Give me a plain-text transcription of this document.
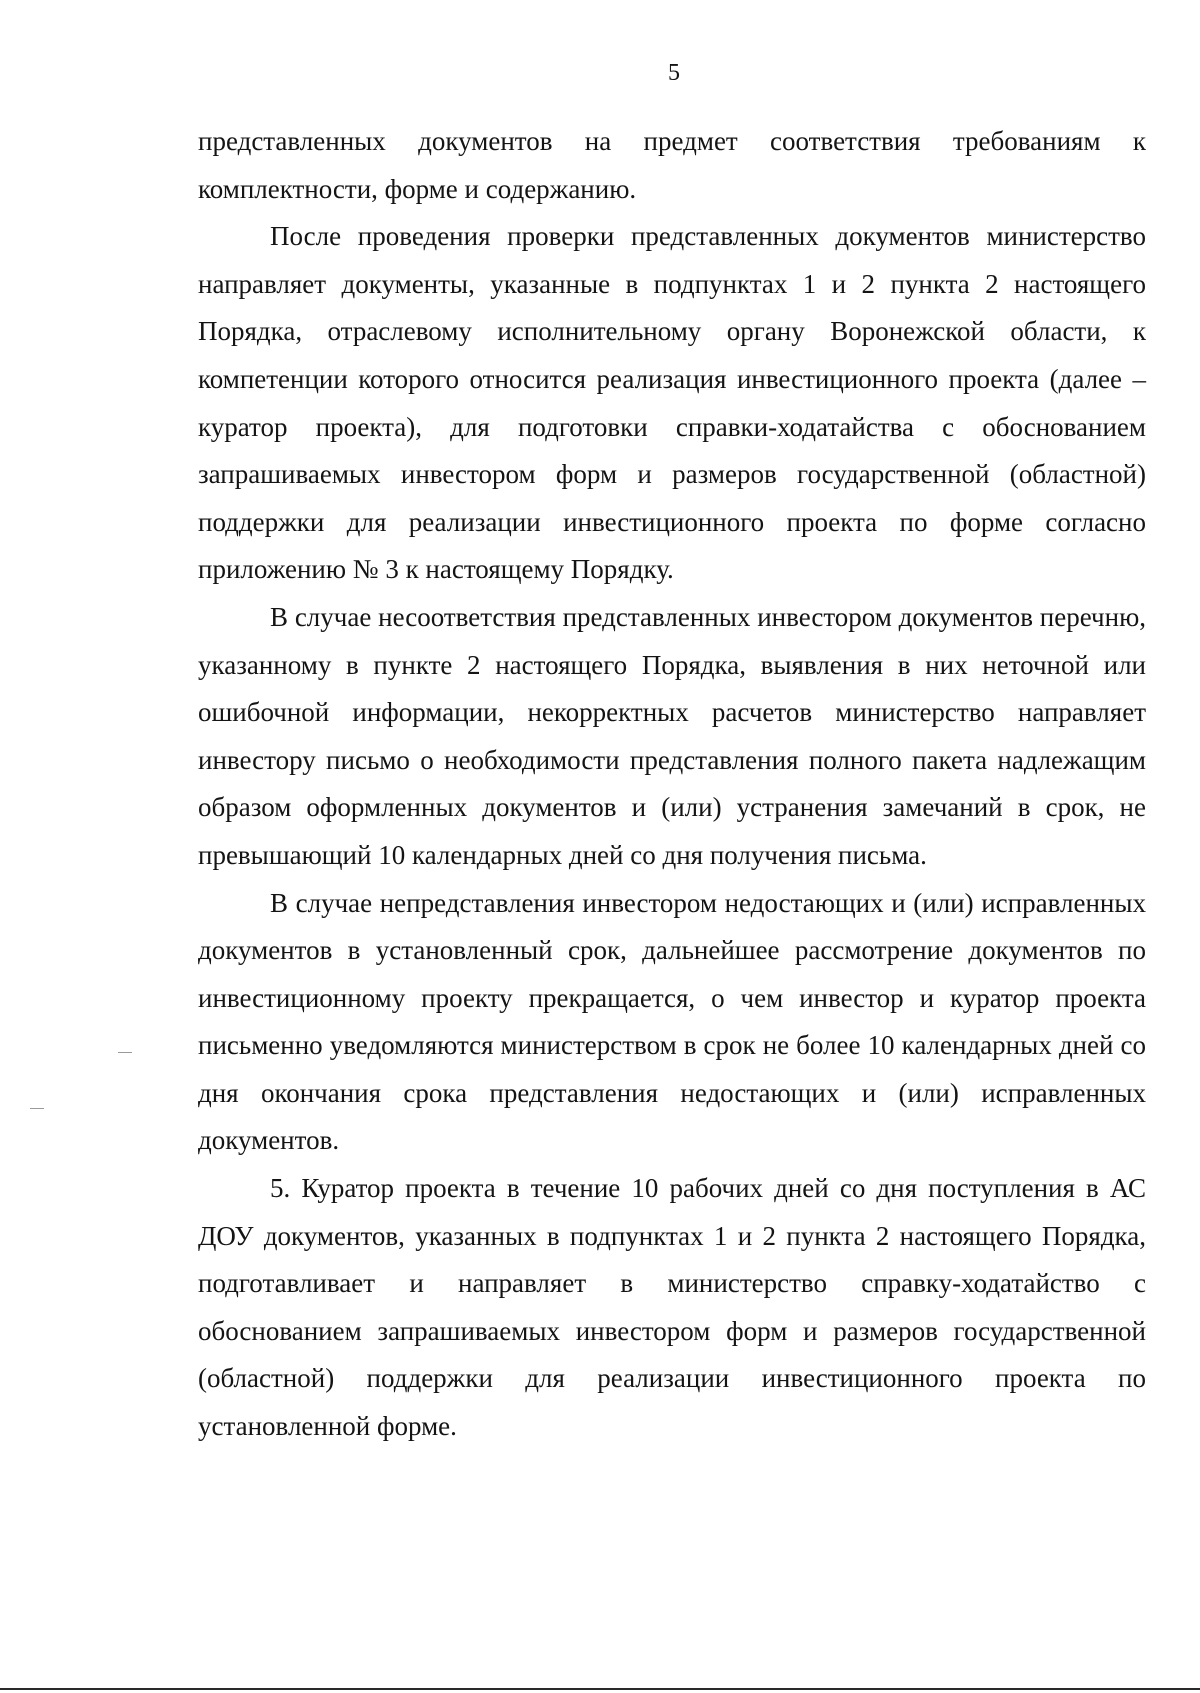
5

представленных документов на предмет соответствия требованиям к комплектности, форме и содержанию.

После проведения проверки представленных документов министерство направляет документы, указанные в подпунктах 1 и 2 пункта 2 настоящего Порядка, отраслевому исполнительному органу Воронежской области, к компетенции которого относится реализация инвестиционного проекта (далее – куратор проекта), для подготовки справки-ходатайства с обоснованием запрашиваемых инвестором форм и размеров государственной (областной) поддержки для реализации инвестиционного проекта по форме согласно приложению № 3 к настоящему Порядку.

В случае несоответствия представленных инвестором документов перечню, указанному в пункте 2 настоящего Порядка, выявления в них неточной или ошибочной информации, некорректных расчетов министерство направляет инвестору письмо о необходимости представления полного пакета надлежащим образом оформленных документов и (или) устранения замечаний в срок, не превышающий 10 календарных дней со дня получения письма.

В случае непредставления инвестором недостающих и (или) исправленных документов в установленный срок, дальнейшее рассмотрение документов по инвестиционному проекту прекращается, о чем инвестор и куратор проекта письменно уведомляются министерством в срок не более 10 календарных дней со дня окончания срока представления недостающих и (или) исправленных документов.

5. Куратор проекта в течение 10 рабочих дней со дня поступления в АС ДОУ документов, указанных в подпунктах 1 и 2 пункта 2 настоящего Порядка, подготавливает и направляет в министерство справку-ходатайство с обоснованием запрашиваемых инвестором форм и размеров государственной (областной) поддержки для реализации инвестиционного проекта по установленной форме.
